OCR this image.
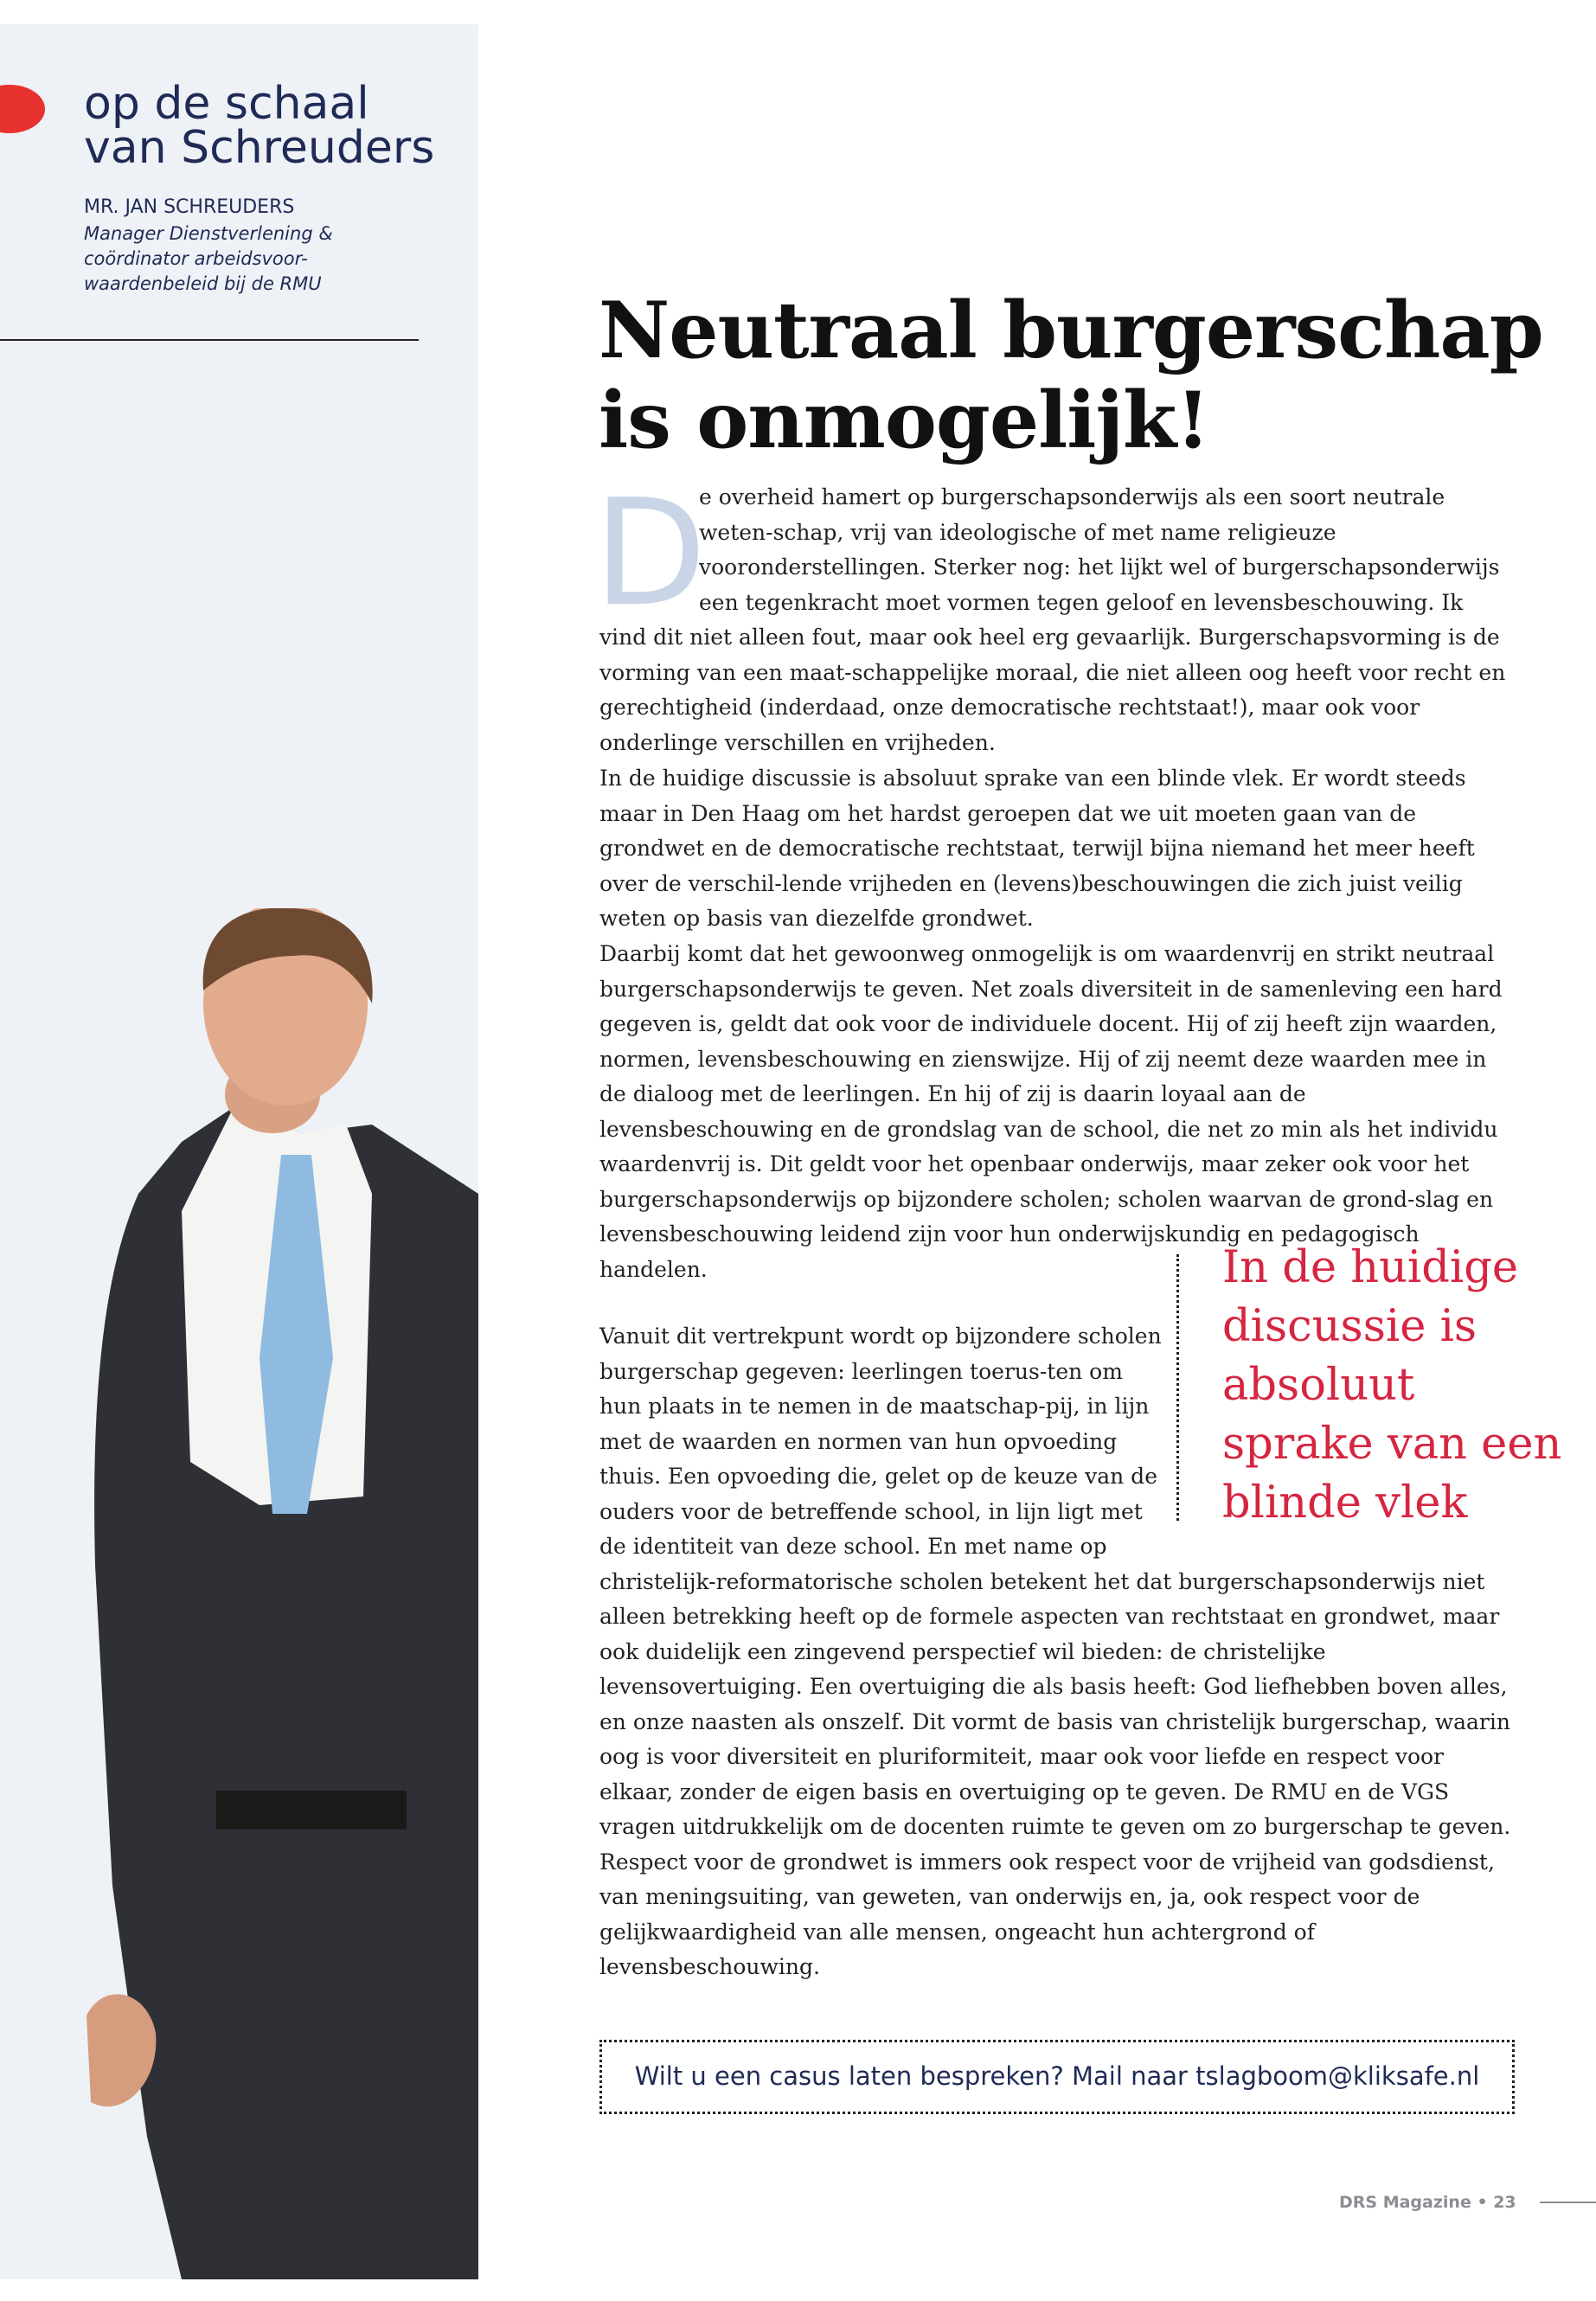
op de schaal van Schreuders
MR. JAN SCHREUDERS
Manager Dienstverlening & coördinator arbeidsvoor-waardenbeleid bij de RMU
Neutraal burgerschap is onmogelijk!
D
e overheid hamert op burgerschapsonderwijs als een soort neutrale weten-schap, vrij van ideologische of met name religieuze vooronderstellingen. Sterker nog: het lijkt wel of burgerschapsonderwijs een tegenkracht moet vormen tegen geloof en levensbeschouwing. Ik vind dit niet alleen fout, maar ook heel erg gevaarlijk. Burgerschapsvorming is de vorming van een maat-schappelijke moraal, die niet alleen oog heeft voor recht en gerechtigheid (inderdaad, onze democratische rechtstaat!), maar ook voor onderlinge verschillen en vrijheden.
In de huidige discussie is absoluut sprake van een blinde vlek. Er wordt steeds maar in Den Haag om het hardst geroepen dat we uit moeten gaan van de grondwet en de democratische rechtstaat, terwijl bijna niemand het meer heeft over de verschil-lende vrijheden en (levens)beschouwingen die zich juist veilig weten op basis van diezelfde grondwet.
Daarbij komt dat het gewoonweg onmogelijk is om waardenvrij en strikt neutraal burgerschapsonderwijs te geven. Net zoals diversiteit in de samenleving een hard gegeven is, geldt dat ook voor de individuele docent. Hij of zij heeft zijn waarden, normen, levensbeschouwing en zienswijze. Hij of zij neemt deze waarden mee in de dialoog met de leerlingen. En hij of zij is daarin loyaal aan de levensbeschouwing en de grondslag van de school, die net zo min als het individu waardenvrij is. Dit geldt voor het openbaar onderwijs, maar zeker ook voor het burgerschapsonderwijs op bijzondere scholen; scholen waarvan de grond-slag en levensbeschouwing leidend zijn voor hun onderwijskundig en pedagogisch handelen.
Vanuit dit vertrekpunt wordt op bijzondere scholen burgerschap gegeven: leerlingen toerus-ten om hun plaats in te nemen in de maatschap-pij, in lijn met de waarden en normen van hun opvoeding thuis. Een opvoeding die, gelet op de keuze van de ouders voor de betreffende school, in lijn ligt met de identiteit van deze school. En met name op christelijk-reformatorische scholen betekent het dat burgerschapsonderwijs niet alleen betrekking heeft op de formele aspecten van rechtstaat en grondwet, maar ook duidelijk een zingevend perspectief wil bieden: de christelijke levensovertuiging. Een overtuiging die als basis heeft: God liefhebben boven alles, en onze naasten als onszelf. Dit vormt de basis van christelijk burgerschap, waarin oog is voor diversiteit en pluriformiteit, maar ook voor liefde en respect voor elkaar, zonder de eigen basis en overtuiging op te geven. De RMU en de VGS vragen uitdrukkelijk om de docenten ruimte te geven om zo burgerschap te geven. Respect voor de grondwet is immers ook respect voor de vrijheid van godsdienst, van meningsuiting, van geweten, van onderwijs en, ja, ook respect voor de gelijkwaardigheid van alle mensen, ongeacht hun achtergrond of levensbeschouwing.
In de huidige discussie is absoluut sprake van een blinde vlek
Wilt u een casus laten bespreken? Mail naar tslagboom@kliksafe.nl
DRS Magazine • 23
